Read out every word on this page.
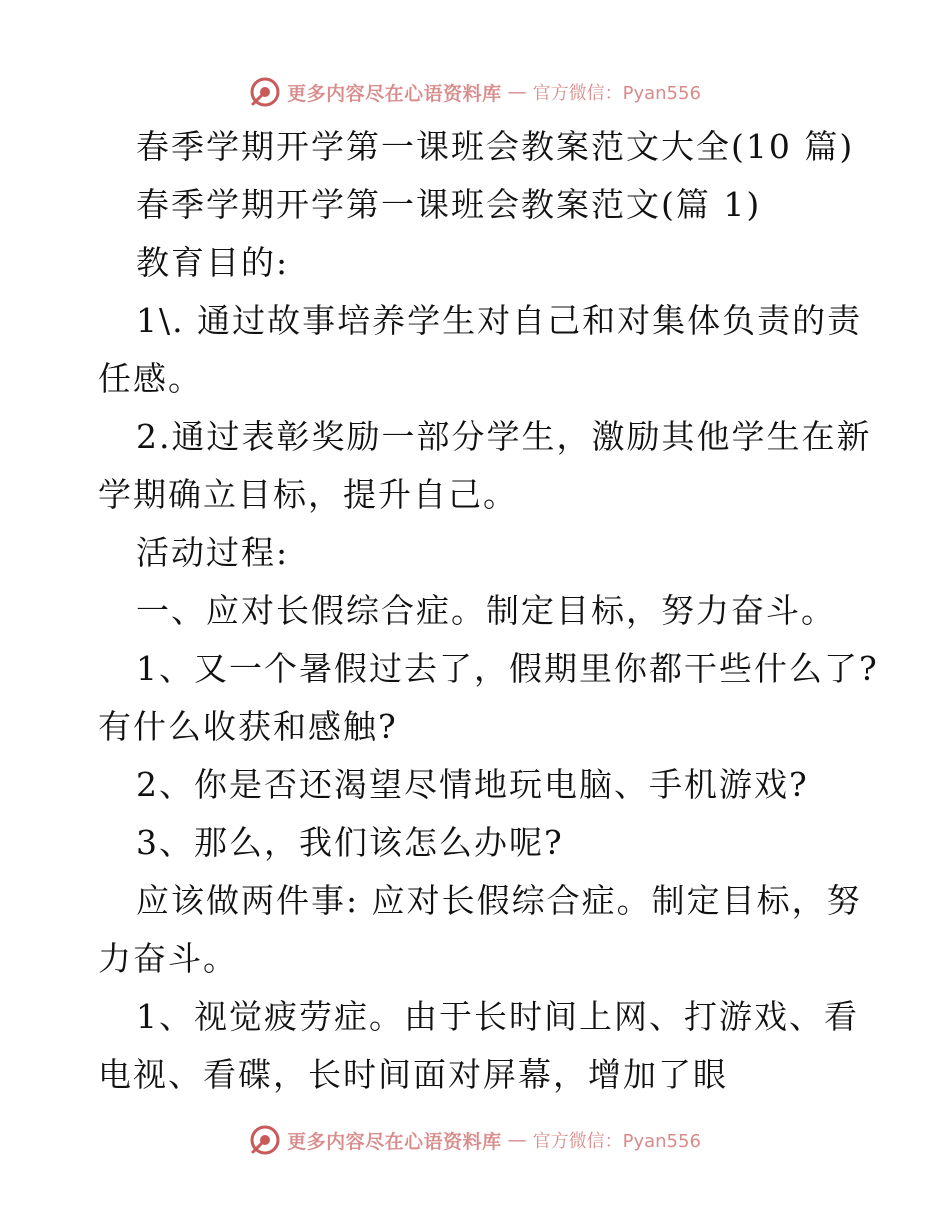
更多内容尽在心语资料库 — 官方微信：Pyan556
春季学期开学第一课班会教案范文大全(10 篇)
春季学期开学第一课班会教案范文(篇 1)
教育目的:
1\. 通过故事培养学生对自己和对集体负责的责
任感。
2.通过表彰奖励一部分学生，激励其他学生在新
学期确立目标，提升自己。
活动过程:
一、应对长假综合症。制定目标，努力奋斗。
1、又一个暑假过去了，假期里你都干些什么了?
有什么收获和感触?
2、你是否还渴望尽情地玩电脑、手机游戏?
3、那么，我们该怎么办呢?
应该做两件事: 应对长假综合症。制定目标，努
力奋斗。
1、视觉疲劳症。由于长时间上网、打游戏、看
电视、看碟，长时间面对屏幕，增加了眼
更多内容尽在心语资料库 — 官方微信：Pyan556
